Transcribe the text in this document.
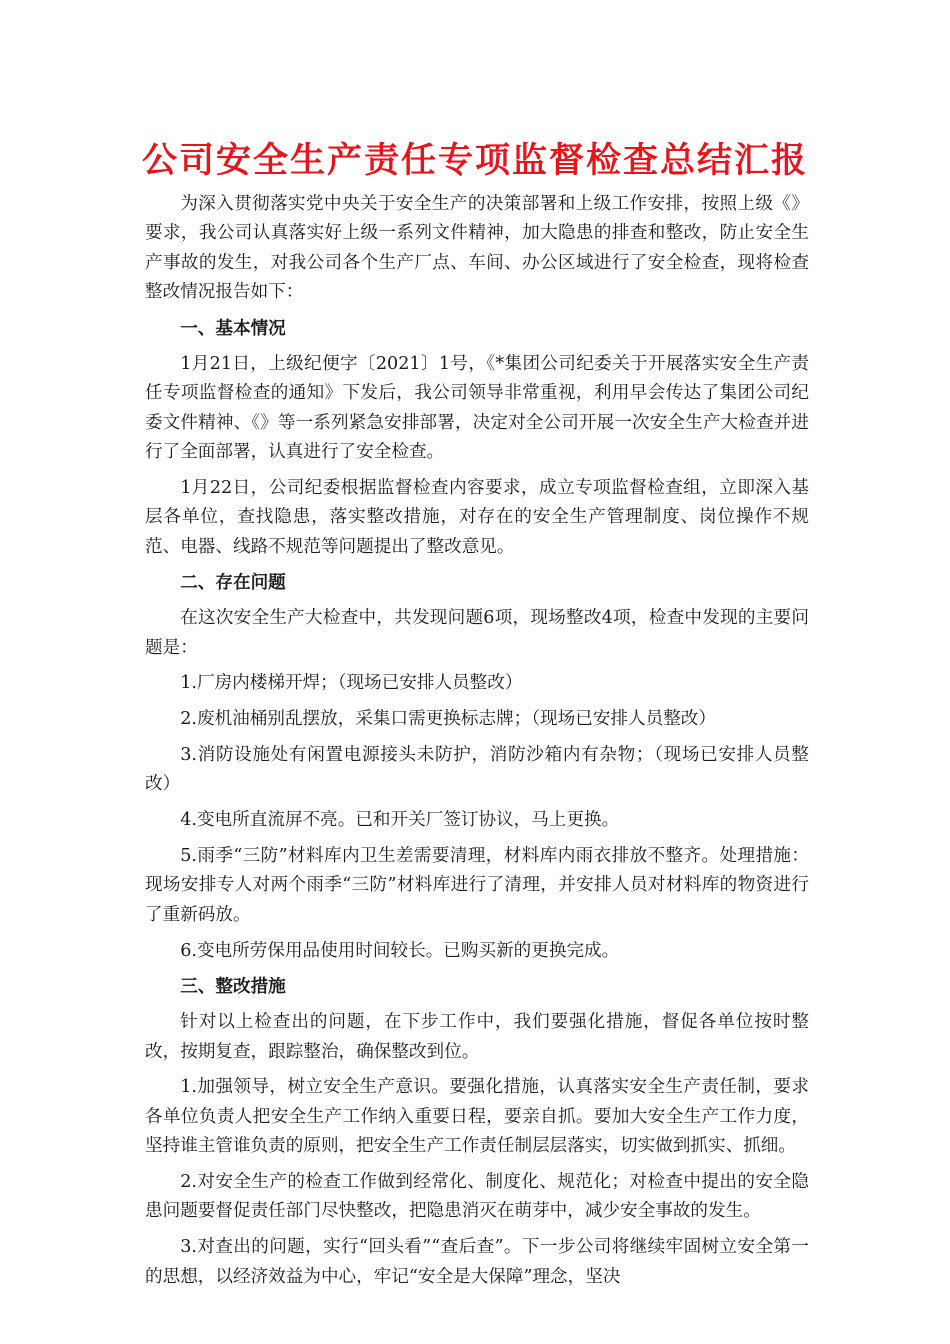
公司安全生产责任专项监督检查总结汇报

为深入贯彻落实党中央关于安全生产的决策部署和上级工作安排，按照上级《》要求，我公司认真落实好上级一系列文件精神，加大隐患的排查和整改，防止安全生产事故的发生，对我公司各个生产厂点、车间、办公区域进行了安全检查，现将检查整改情况报告如下：

一、基本情况

1月21日，上级纪便字〔2021〕1号，《*集团公司纪委关于开展落实安全生产责任专项监督检查的通知》下发后，我公司领导非常重视，利用早会传达了集团公司纪委文件精神、《》等一系列紧急安排部署，决定对全公司开展一次安全生产大检查并进行了全面部署，认真进行了安全检查。

1月22日，公司纪委根据监督检查内容要求，成立专项监督检查组，立即深入基层各单位，查找隐患，落实整改措施，对存在的安全生产管理制度、岗位操作不规范、电器、线路不规范等问题提出了整改意见。

二、存在问题

在这次安全生产大检查中，共发现问题6项，现场整改4项，检查中发现的主要问题是：

1.厂房内楼梯开焊；（现场已安排人员整改）

2.废机油桶别乱摆放，采集口需更换标志牌；（现场已安排人员整改）

3.消防设施处有闲置电源接头未防护，消防沙箱内有杂物；（现场已安排人员整改）

4.变电所直流屏不亮。已和开关厂签订协议，马上更换。

5.雨季“三防”材料库内卫生差需要清理，材料库内雨衣排放不整齐。处理措施：现场安排专人对两个雨季“三防”材料库进行了清理，并安排人员对材料库的物资进行了重新码放。

6.变电所劳保用品使用时间较长。已购买新的更换完成。

三、整改措施

针对以上检查出的问题，在下步工作中，我们要强化措施，督促各单位按时整改，按期复查，跟踪整治，确保整改到位。

1.加强领导，树立安全生产意识。要强化措施，认真落实安全生产责任制，要求各单位负责人把安全生产工作纳入重要日程，要亲自抓。要加大安全生产工作力度，坚持谁主管谁负责的原则，把安全生产工作责任制层层落实，切实做到抓实、抓细。

2.对安全生产的检查工作做到经常化、制度化、规范化；对检查中提出的安全隐患问题要督促责任部门尽快整改，把隐患消灭在萌芽中，减少安全事故的发生。

3.对查出的问题，实行“回头看”“查后查”。下一步公司将继续牢固树立安全第一的思想，以经济效益为中心，牢记“安全是大保障”理念，坚决
